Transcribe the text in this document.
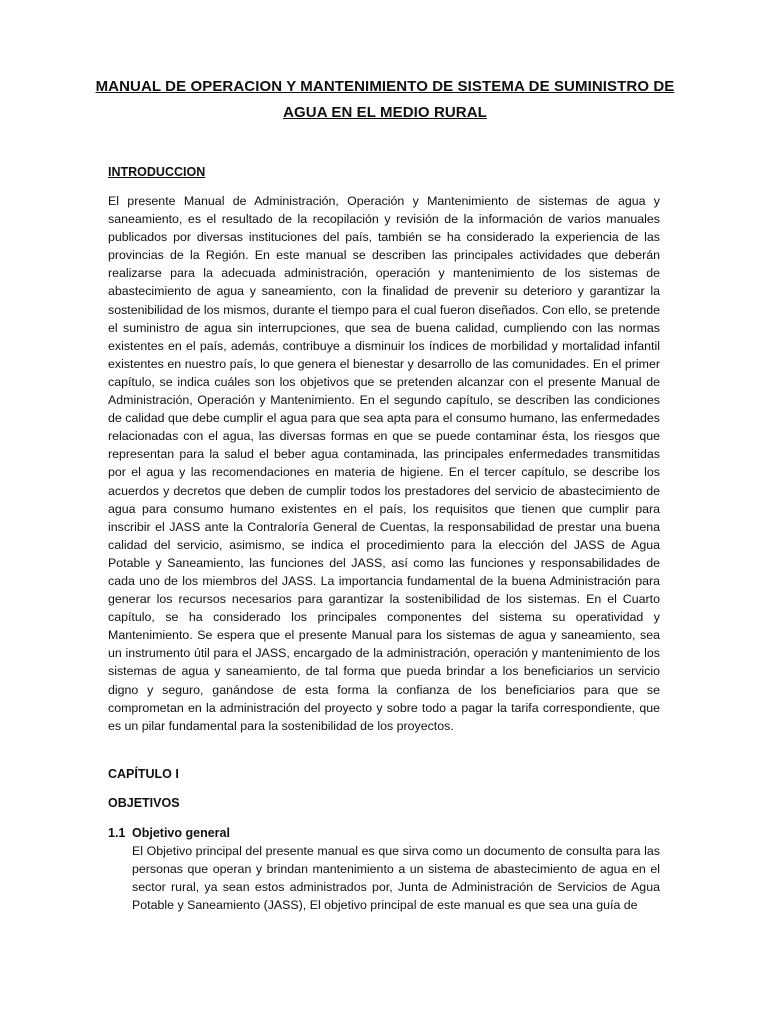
MANUAL DE OPERACION Y MANTENIMIENTO DE SISTEMA DE SUMINISTRO DE AGUA EN EL MEDIO RURAL
INTRODUCCION

El presente Manual de Administración, Operación y Mantenimiento de sistemas de agua y saneamiento, es el resultado de la recopilación y revisión de la información de varios manuales publicados por diversas instituciones del país, también se ha considerado la experiencia de las provincias de la Región. En este manual se describen las principales actividades que deberán realizarse para la adecuada administración, operación y mantenimiento de los sistemas de abastecimiento de agua y saneamiento, con la finalidad de prevenir su deterioro y garantizar la sostenibilidad de los mismos, durante el tiempo para el cual fueron diseñados. Con ello, se pretende el suministro de agua sin interrupciones, que sea de buena calidad, cumpliendo con las normas existentes en el país, además, contribuye a disminuir los índices de morbilidad y mortalidad infantil existentes en nuestro país, lo que genera el bienestar y desarrollo de las comunidades. En el primer capítulo, se indica cuáles son los objetivos que se pretenden alcanzar con el presente Manual de Administración, Operación y Mantenimiento. En el segundo capítulo, se describen las condiciones de calidad que debe cumplir el agua para que sea apta para el consumo humano, las enfermedades relacionadas con el agua, las diversas formas en que se puede contaminar ésta, los riesgos que representan para la salud el beber agua contaminada, las principales enfermedades transmitidas por el agua y las recomendaciones en materia de higiene. En el tercer capítulo, se describe los acuerdos y decretos que deben de cumplir todos los prestadores del servicio de abastecimiento de agua para consumo humano existentes en el país, los requisitos que tienen que cumplir para inscribir el JASS ante la Contraloría General de Cuentas, la responsabilidad de prestar una buena calidad del servicio, asimismo, se indica el procedimiento para la elección del JASS de Agua Potable y Saneamiento, las funciones del JASS, así como las funciones y responsabilidades de cada uno de los miembros del JASS. La importancia fundamental de la buena Administración para generar los recursos necesarios para garantizar la sostenibilidad de los sistemas. En el Cuarto capítulo, se ha considerado los principales componentes del sistema su operatividad y Mantenimiento. Se espera que el presente Manual para los sistemas de agua y saneamiento, sea un instrumento útil para el JASS, encargado de la administración, operación y mantenimiento de los sistemas de agua y saneamiento, de tal forma que pueda brindar a los beneficiarios un servicio digno y seguro, ganándose de esta forma la confianza de los beneficiarios para que se comprometan en la administración del proyecto y sobre todo a pagar la tarifa correspondiente, que es un pilar fundamental para la sostenibilidad de los proyectos.

CAPÍTULO I
OBJETIVOS
1.1 Objetivo general

El Objetivo principal del presente manual es que sirva como un documento de consulta para las personas que operan y brindan mantenimiento a un sistema de abastecimiento de agua en el sector rural, ya sean estos administrados por, Junta de Administración de Servicios de Agua Potable y Saneamiento (JASS), El objetivo principal de este manual es que sea una guía de
